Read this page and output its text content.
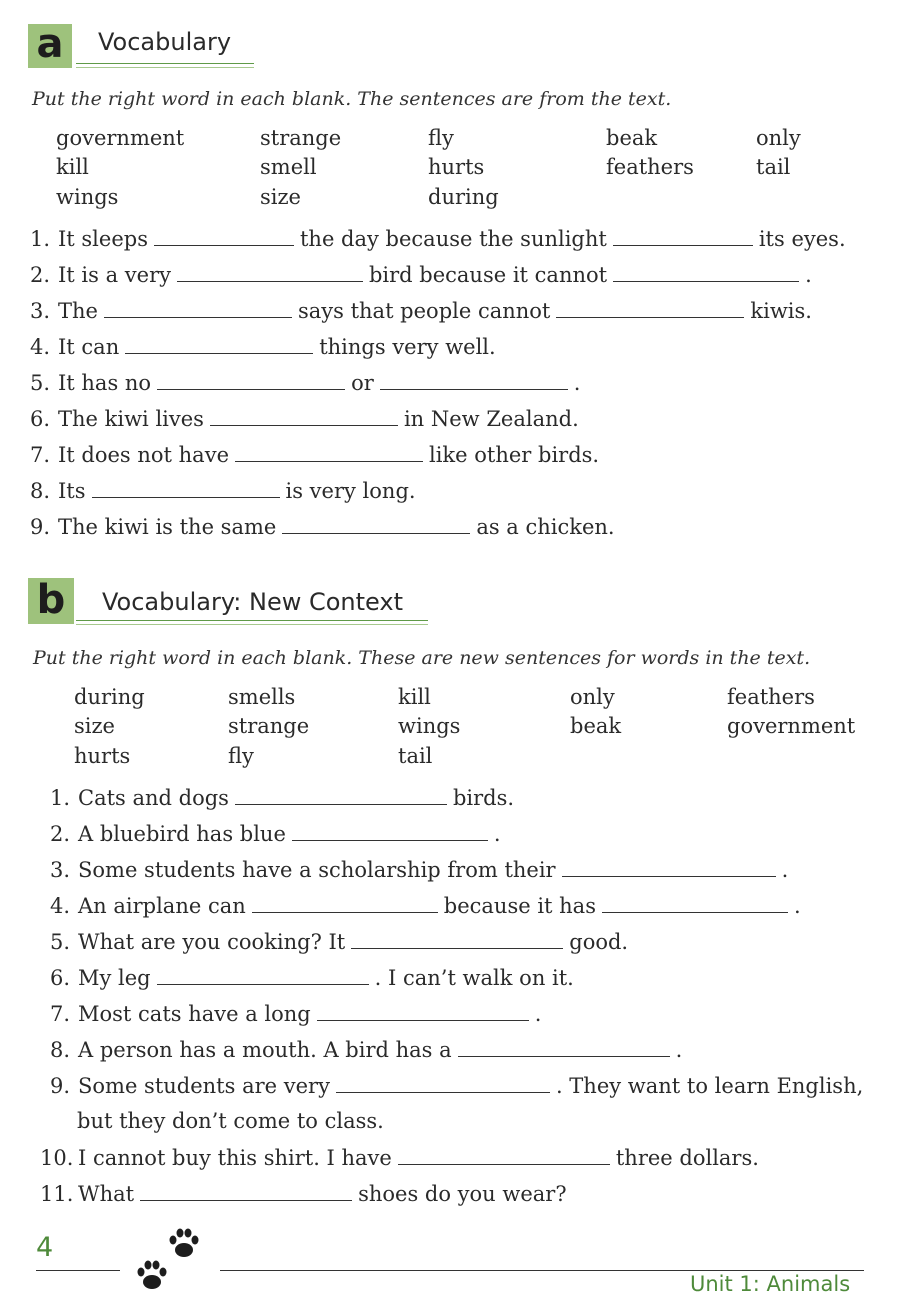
a	Vocabulary
Put the right word in each blank. The sentences are from the text.
government	strange	fly	beak	only
kill	smell	hurts	feathers	tail
wings	size	during
1. It sleeps	the day because the sunlight	its eyes.
2. It is a very	bird because it cannot	.
3. The	says that people cannot	kiwis.
4. It can	things very well.
5. It has no	or	.
6. The kiwi lives	in New Zealand.
7. It does not have	like other birds.
8. Its	is very long.
9. The kiwi is the same	as a chicken.
b	Vocabulary: New Context
Put the right word in each blank. These are new sentences for words in the text.
during	smells	kill	only	feathers
size	strange	wings	beak	government
hurts	fly	tail
1. Cats and dogs	birds.
2. A bluebird has blue	.
3. Some students have a scholarship from their	.
4. An airplane can	because it has	.
5. What are you cooking? It	good.
6. My leg	. I can’t walk on it.
7. Most cats have a long	.
8. A person has a mouth. A bird has a	.
9. Some students are very	. They want to learn English,
but they don’t come to class.
10. I cannot buy this shirt. I have	three dollars.
11. What	shoes do you wear?
4
Unit 1: Animals
